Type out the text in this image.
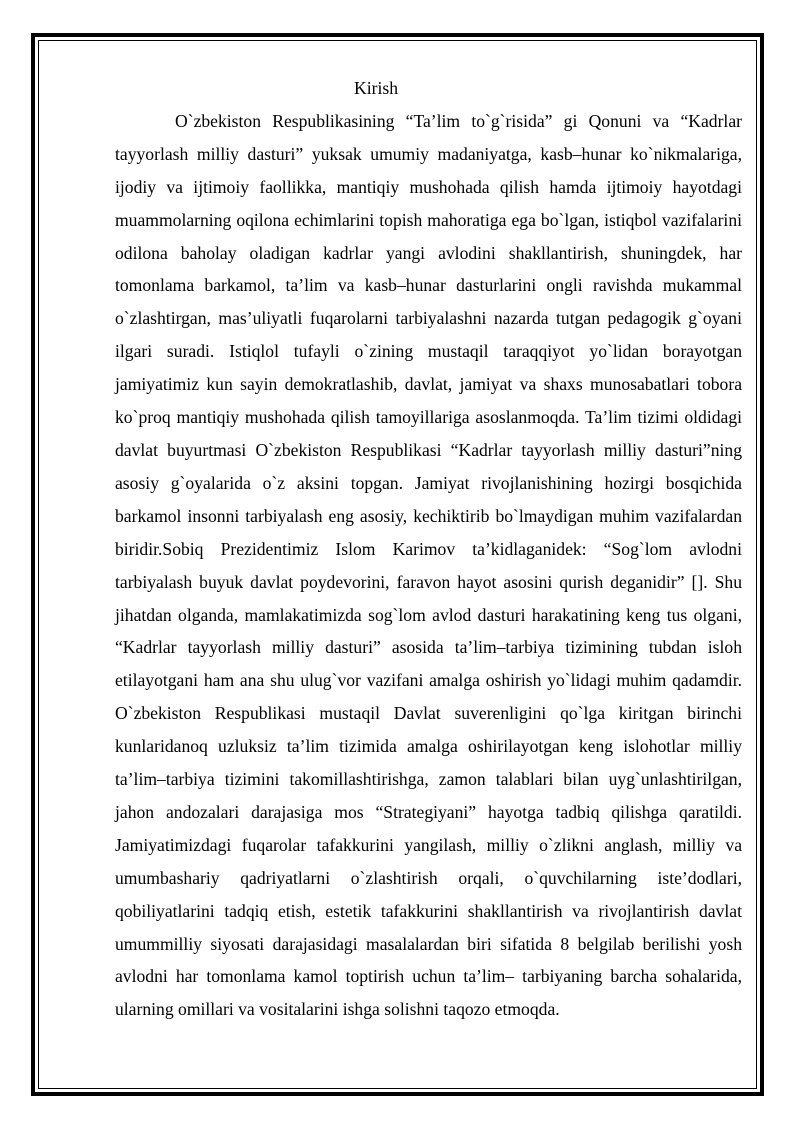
Kirish

O`zbekiston Respublikasining “Ta’lim to`g`risida” gi Qonuni va “Kadrlar tayyorlash milliy dasturi” yuksak umumiy madaniyatga, kasb–hunar ko`nikmalariga, ijodiy va ijtimoiy faollikka, mantiqiy mushohada qilish hamda ijtimoiy hayotdagi muammolarning oqilona echimlarini topish mahoratiga ega bo`lgan, istiqbol vazifalarini odilona baholay oladigan kadrlar yangi avlodini shakllantirish, shuningdek, har tomonlama barkamol, ta’lim va kasb–hunar dasturlarini ongli ravishda mukammal o`zlashtirgan, mas’uliyatli fuqarolarni tarbiyalashni nazarda tutgan pedagogik g`oyani ilgari suradi. Istiqlol tufayli o`zining mustaqil taraqqiyot yo`lidan borayotgan jamiyatimiz kun sayin demokratlashib, davlat, jamiyat va shaxs munosabatlari tobora ko`proq mantiqiy mushohada qilish tamoyillariga asoslanmoqda. Ta’lim tizimi oldidagi davlat buyurtmasi O`zbekiston Respublikasi “Kadrlar tayyorlash milliy dasturi”ning asosiy g`oyalarida o`z aksini topgan. Jamiyat rivojlanishining hozirgi bosqichida barkamol insonni tarbiyalash eng asosiy, kechiktirib bo`lmaydigan muhim vazifalardan biridir.Sobiq Prezidentimiz Islom Karimov ta’kidlaganidek: “Sog`lom avlodni tarbiyalash buyuk davlat poydevorini, faravon hayot asosini qurish deganidir” []. Shu jihatdan olganda, mamlakatimizda sog`lom avlod dasturi harakatining keng tus olgani, “Kadrlar tayyorlash milliy dasturi” asosida ta’lim–tarbiya tizimining tubdan isloh etilayotgani ham ana shu ulug`vor vazifani amalga oshirish yo`lidagi muhim qadamdir. O`zbekiston Respublikasi mustaqil Davlat suverenligini qo`lga kiritgan birinchi kunlaridanoq uzluksiz ta’lim tizimida amalga oshirilayotgan keng islohotlar milliy ta’lim–tarbiya tizimini takomillashtirishga, zamon talablari bilan uyg`unlashtirilgan, jahon andozalari darajasiga mos “Strategiyani” hayotga tadbiq qilishga qaratildi. Jamiyatimizdagi fuqarolar tafakkurini yangilash, milliy o`zlikni anglash, milliy va umumbashariy qadriyatlarni o`zlashtirish orqali, o`quvchilarning iste’dodlari, qobiliyatlarini tadqiq etish, estetik tafakkurini shakllantirish va rivojlantirish davlat umummilliy siyosati darajasidagi masalalardan biri sifatida 8 belgilab berilishi yosh avlodni har tomonlama kamol toptirish uchun ta’lim– tarbiyaning barcha sohalarida, ularning omillari va vositalarini ishga solishni taqozo etmoqda.
